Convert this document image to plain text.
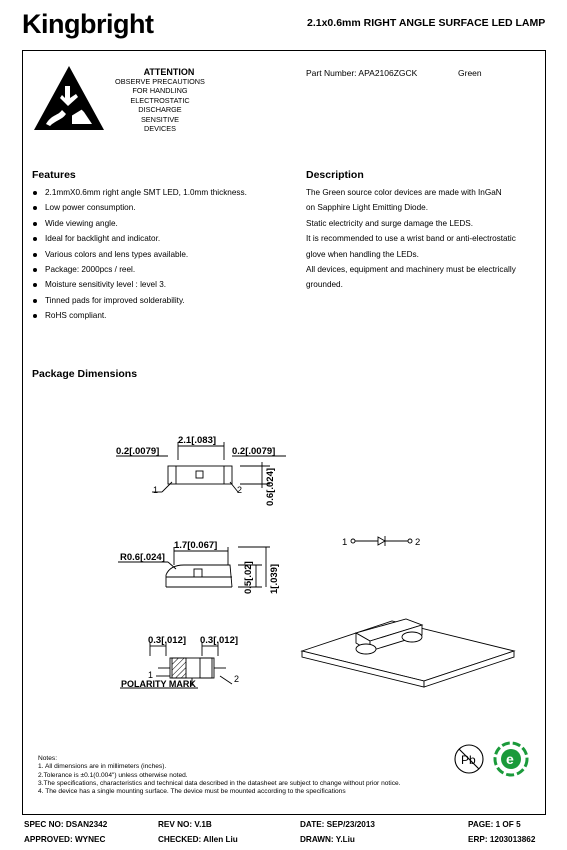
Kingbright	2.1x0.6mm RIGHT ANGLE SURFACE LED LAMP
ATTENTION
OBSERVE PRECAUTIONS
FOR HANDLING
ELECTROSTATIC
DISCHARGE
SENSITIVE
DEVICES
Part Number: APA2106ZGCK	Green
Features
2.1mmX0.6mm right angle SMT LED, 1.0mm thickness.
Low power consumption.
Wide viewing angle.
Ideal for backlight and indicator.
Various colors and lens types available.
Package: 2000pcs / reel.
Moisture sensitivity level : level 3.
Tinned pads for improved solderability.
RoHS compliant.
Description
The Green source color devices are made with InGaN
on Sapphire Light Emitting Diode.
Static electricity and surge damage the LEDS.
It is recommended to use a wrist band or anti-electrostatic
glove when handling the LEDs.
All devices, equipment and machinery must be electrically
grounded.
Package Dimensions
2.1[.083]
0.2[.0079]	0.2[.0079]
0.6[.024]
1	2
1.7[0.067]
R0.6[.024]
0.5[.02] 1[.039]
0.3[.012] 0.3[.012]
1	2
POLARITY MARK
1	2
Notes:
1. All dimensions are in millimeters (inches).
2.Tolerance is ±0.1(0.004") unless otherwise noted.
3.The specifications, characteristics and technical data described in the datasheet are subject to change without prior notice.
4. The device has a single mounting surface. The device must be mounted according to the specifications
Pb e
SPEC NO: DSAN2342	REV NO: V.1B	DATE: SEP/23/2013	PAGE: 1 OF 5
APPROVED: WYNEC	CHECKED: Allen Liu	DRAWN: Y.Liu	ERP: 1203013862
